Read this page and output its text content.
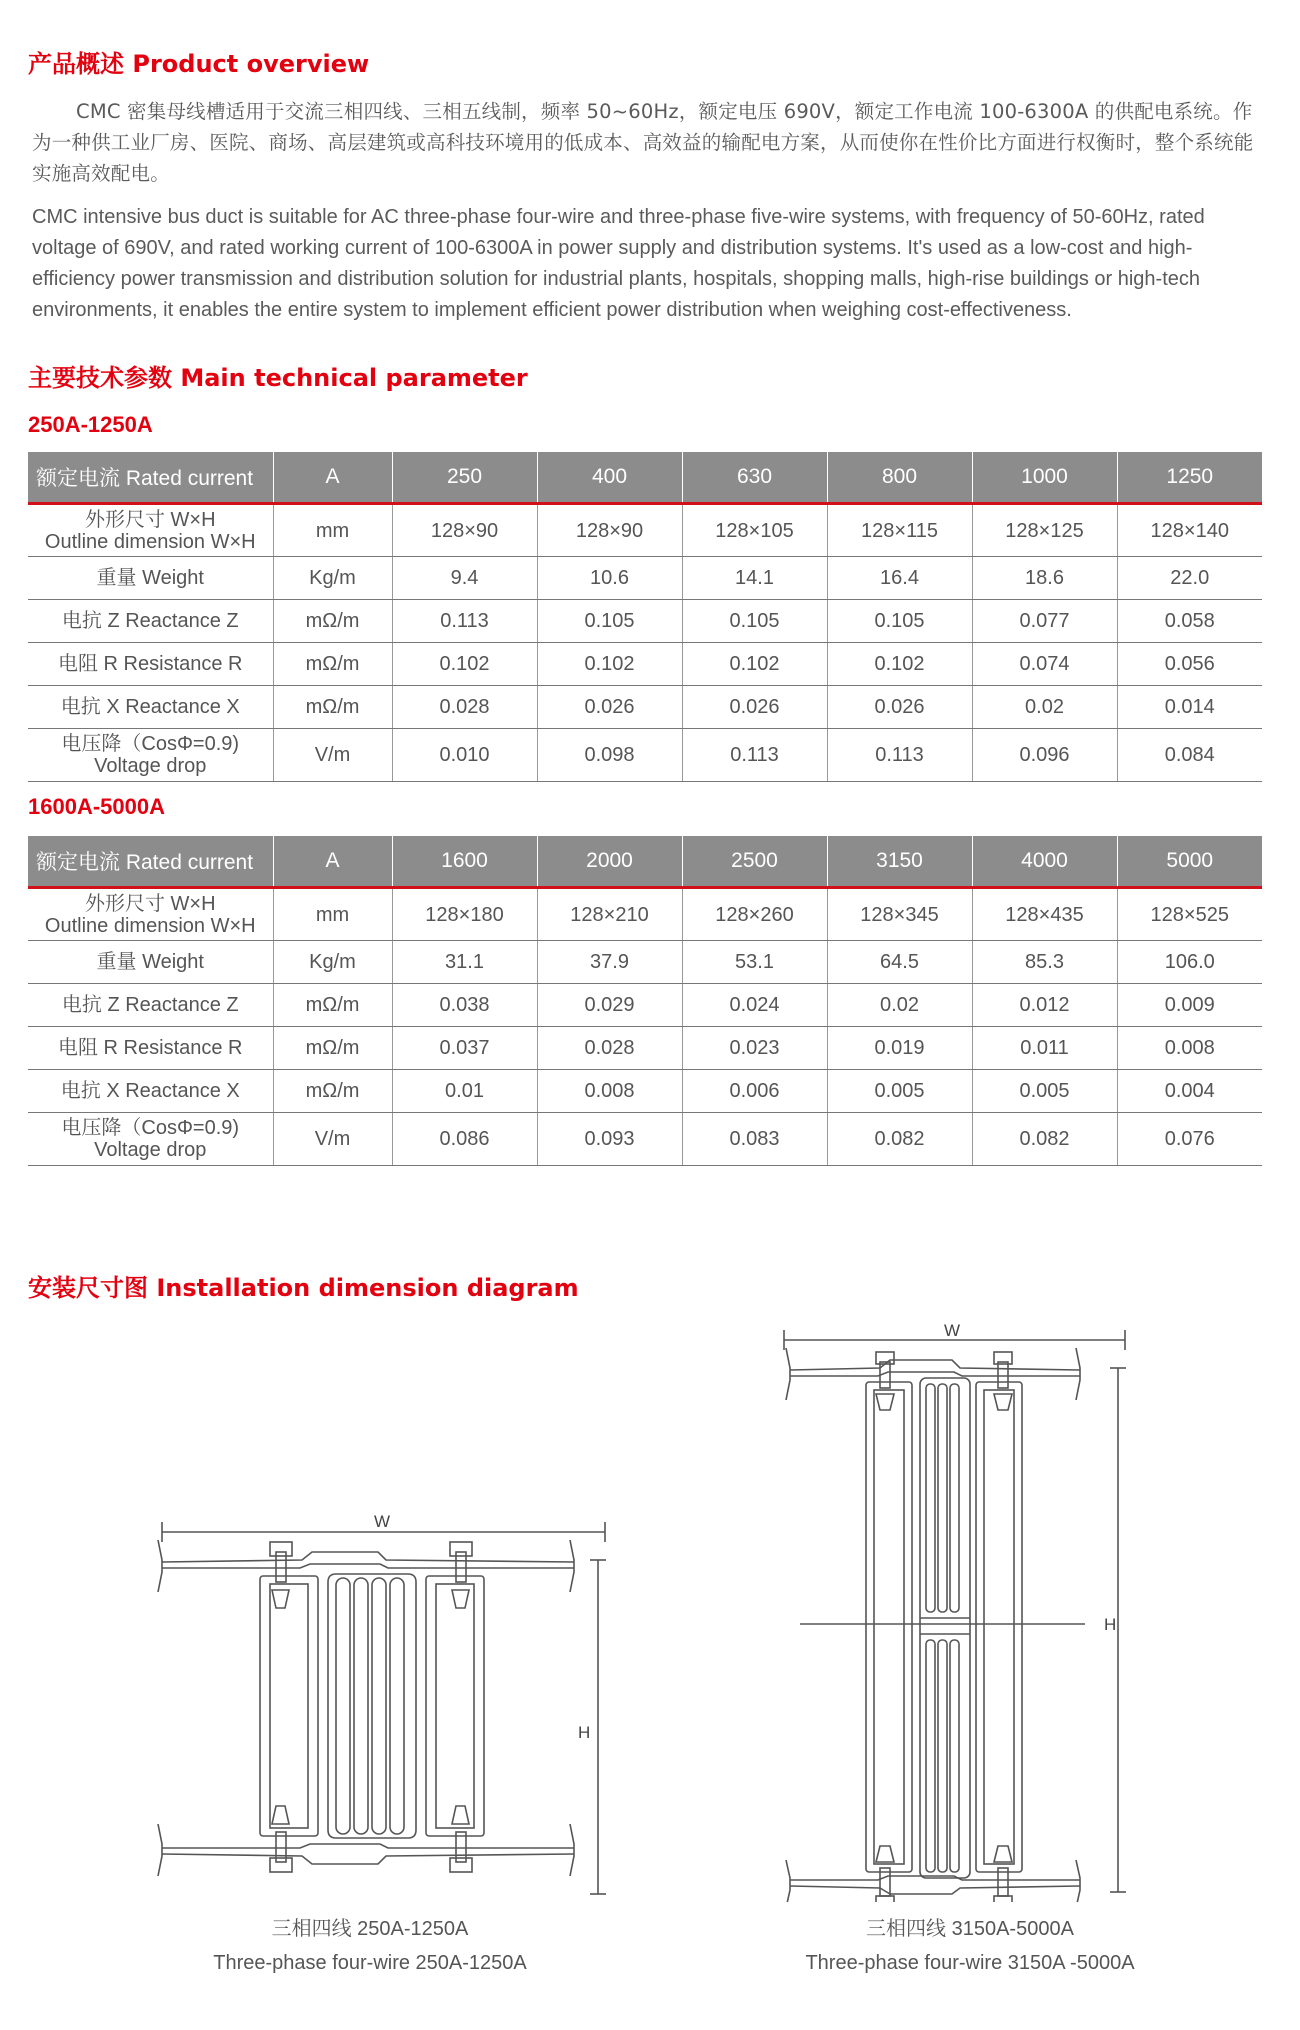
产品概述 Product overview

CMC 密集母线槽适用于交流三相四线、三相五线制，频率 50~60Hz，额定电压 690V，额定工作电流 100-6300A 的供配电系统。作为一种供工业厂房、医院、商场、高层建筑或高科技环境用的低成本、高效益的输配电方案，从而使你在性价比方面进行权衡时，整个系统能实施高效配电。

CMC intensive bus duct is suitable for AC three-phase four-wire and three-phase five-wire systems, with frequency of 50-60Hz, rated voltage of 690V, and rated working current of 100-6300A in power supply and distribution systems. It's used as a low-cost and high-efficiency power transmission and distribution solution for industrial plants, hospitals, shopping malls, high-rise buildings or high-tech environments, it enables the entire system to implement efficient power distribution when weighing cost-effectiveness.

主要技术参数 Main technical parameter
250A-1250A
额定电流 Rated current	A	250	400	630	800	1000	1250

外形尺寸 W×H
Outline dimension W×H	mm	128×90	128×90	128×105	128×115	128×125	128×140
重量 Weight	Kg/m	9.4	10.6	14.1	16.4	18.6	22.0
电抗 Z Reactance Z	mΩ/m	0.113	0.105	0.105	0.105	0.077	0.058
电阻 R Resistance R	mΩ/m	0.102	0.102	0.102	0.102	0.074	0.056
电抗 X Reactance X	mΩ/m	0.028	0.026	0.026	0.026	0.02	0.014

电压降（CosΦ=0.9)
Voltage drop	V/m	0.010	0.098	0.113	0.113	0.096	0.084
1600A-5000A
额定电流 Rated current	A	1600	2000	2500	3150	4000	5000

外形尺寸 W×H
Outline dimension W×H	mm	128×180	128×210	128×260	128×345	128×435	128×525
重量 Weight	Kg/m	31.1	37.9	53.1	64.5	85.3	106.0
电抗 Z Reactance Z	mΩ/m	0.038	0.029	0.024	0.02	0.012	0.009
电阻 R Resistance R	mΩ/m	0.037	0.028	0.023	0.019	0.011	0.008
电抗 X Reactance X	mΩ/m	0.01	0.008	0.006	0.005	0.005	0.004

电压降（CosΦ=0.9)
Voltage drop	V/m	0.086	0.093	0.083	0.082	0.082	0.076
安装尺寸图 Installation dimension diagram
W
H
三相四线 250A-1250A
Three-phase four-wire 250A-1250A
W
H
三相四线 3150A-5000A
Three-phase four-wire 3150A -5000A
